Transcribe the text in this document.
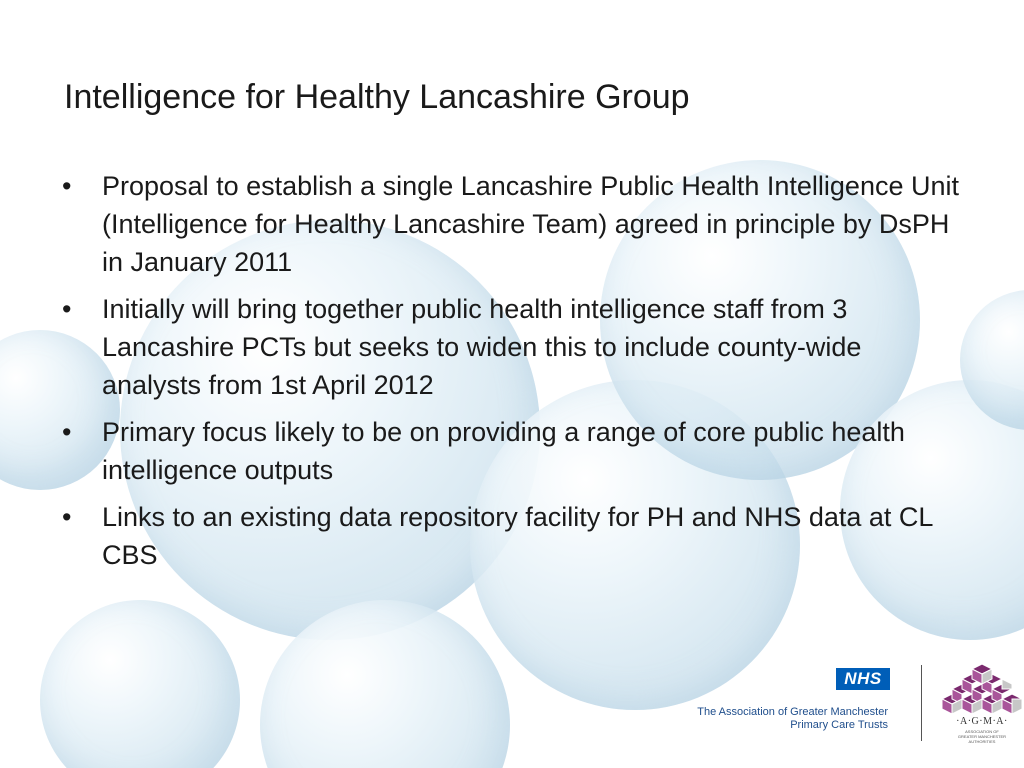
Intelligence for Healthy Lancashire Group
• Proposal to establish a single Lancashire Public Health Intelligence Unit (Intelligence for Healthy Lancashire Team) agreed in principle by DsPH in January 2011
• Initially will bring together public health intelligence staff from 3 Lancashire PCTs but seeks to widen this to include county-wide analysts from 1st April 2012
• Primary focus likely to be on providing a range of core public health intelligence outputs
• Links to an existing data repository facility for PH and NHS data at CL CBS
NHS
The Association of Greater Manchester
Primary Care Trusts	·A·G·M·A·
ASSOCIATION OF
GREATER MANCHESTER
AUTHORITIES
